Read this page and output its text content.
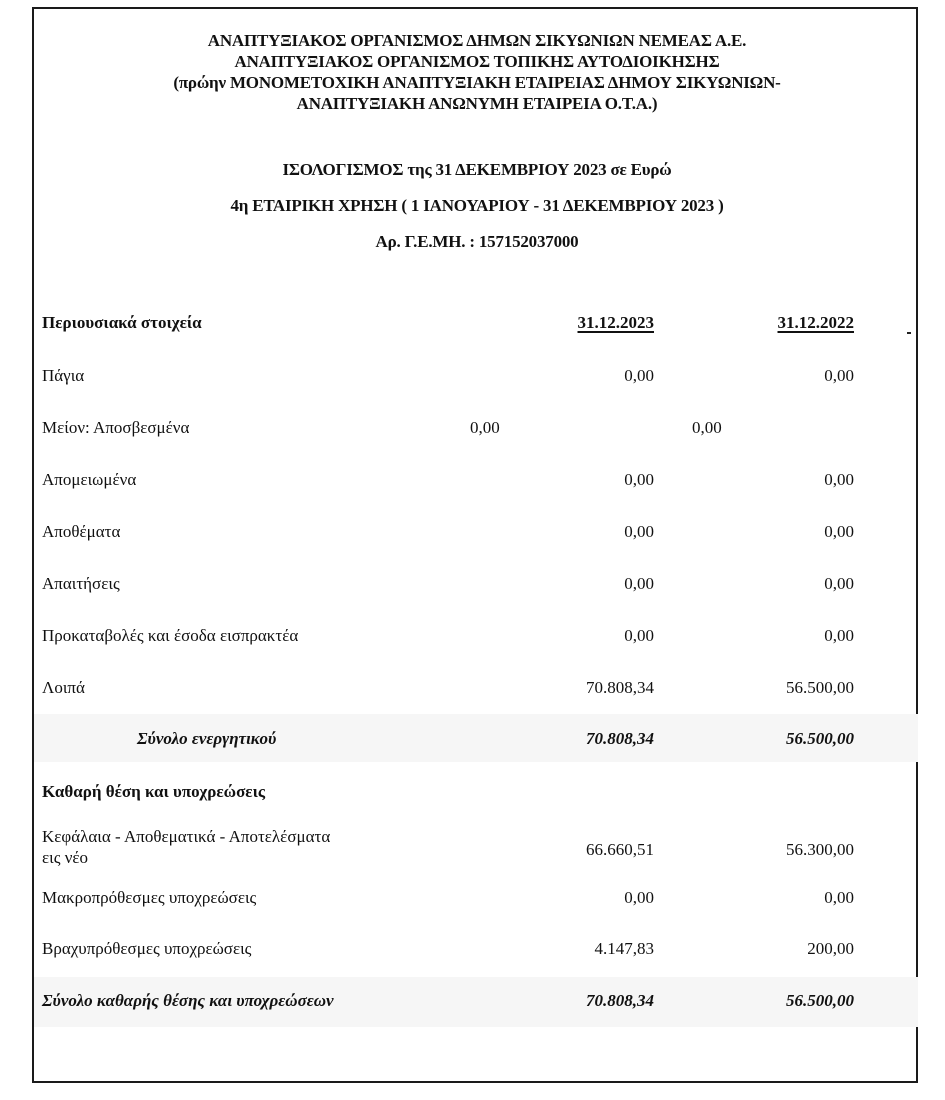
ΑΝΑΠΤΥΞΙΑΚΟΣ ΟΡΓΑΝΙΣΜΟΣ ΔΗΜΩΝ ΣΙΚΥΩΝΙΩΝ ΝΕΜΕΑΣ Α.Ε.
ΑΝΑΠΤΥΞΙΑΚΟΣ ΟΡΓΑΝΙΣΜΟΣ ΤΟΠΙΚΗΣ ΑΥΤΟΔΙΟΙΚΗΣΗΣ
(πρώην ΜΟΝΟΜΕΤΟΧΙΚΗ ΑΝΑΠΤΥΞΙΑΚΗ ΕΤΑΙΡΕΙΑΣ ΔΗΜΟΥ ΣΙΚΥΩΝΙΩΝ-
ΑΝΑΠΤΥΞΙΑΚΗ ΑΝΩΝΥΜΗ ΕΤΑΙΡΕΙΑ Ο.Τ.Α.)
ΙΣΟΛΟΓΙΣΜΟΣ της 31 ΔΕΚΕΜΒΡΙΟΥ 2023 σε Ευρώ
4η ΕΤΑΙΡΙΚΗ ΧΡΗΣΗ ( 1 ΙΑΝΟΥΑΡΙΟΥ - 31 ΔΕΚΕΜΒΡΙΟΥ 2023 )
Αρ. Γ.Ε.ΜΗ. : 157152037000
Περιουσιακά στοιχεία	31.12.2023	31.12.2022
Πάγια	0,00	0,00
Μείον: Αποσβεσμένα	0,00	0,00
Απομειωμένα	0,00	0,00
Αποθέματα	0,00	0,00
Απαιτήσεις	0,00	0,00
Προκαταβολές και έσοδα εισπρακτέα	0,00	0,00
Λοιπά	70.808,34	56.500,00
Σύνολο ενεργητικού	70.808,34	56.500,00
Καθαρή θέση και υποχρεώσεις
Κεφάλαια - Αποθεματικά - Αποτελέσματα
εις νέο	66.660,51	56.300,00
Μακροπρόθεσμες υποχρεώσεις	0,00	0,00
Βραχυπρόθεσμες υποχρεώσεις	4.147,83	200,00
Σύνολο καθαρής θέσης και υποχρεώσεων	70.808,34	56.500,00
